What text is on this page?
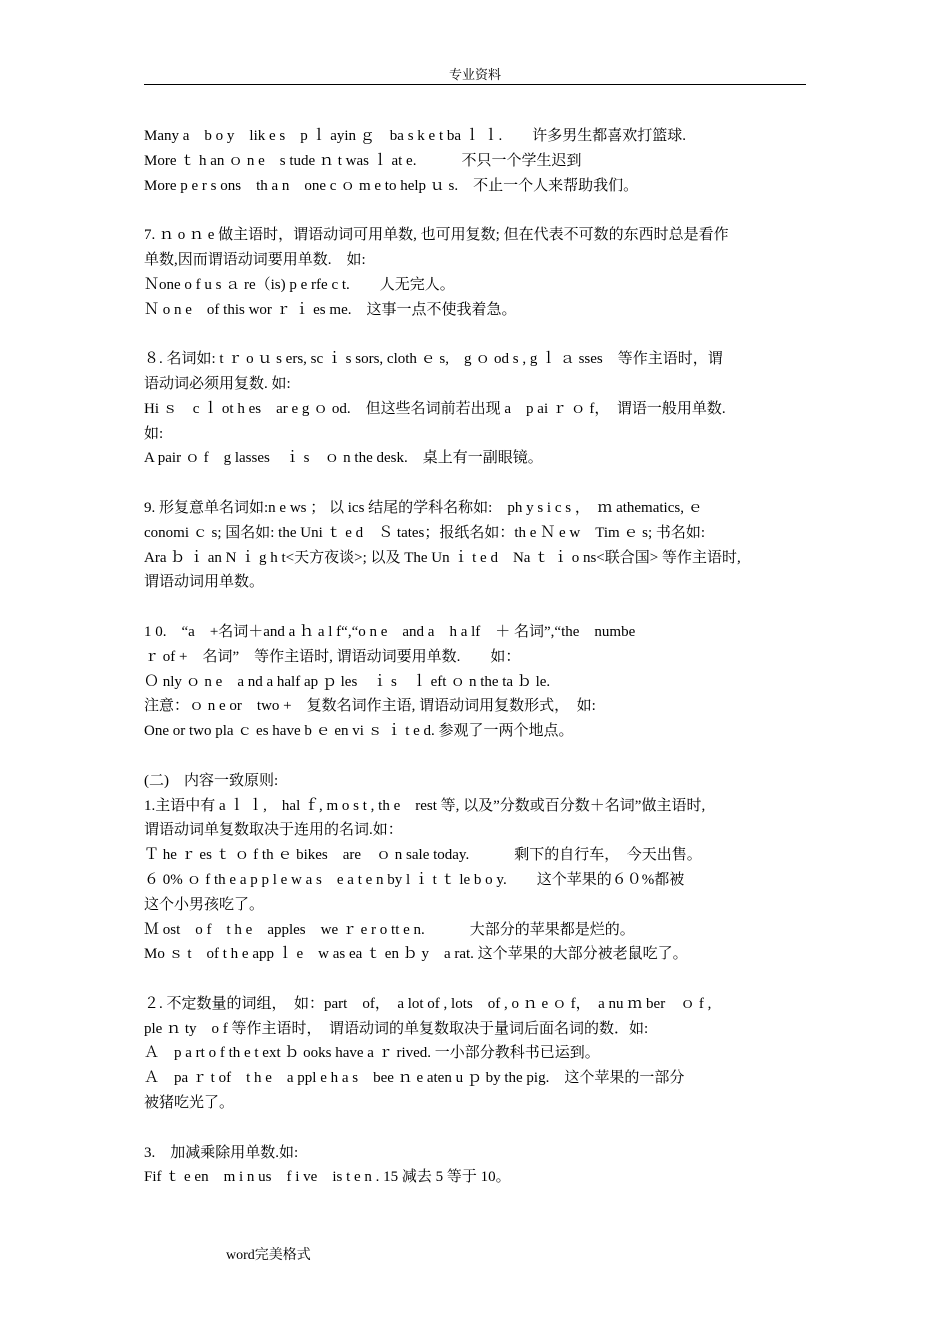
专业资料
Many a　b o y　lik e s　p ｌ ayin ｇ　ba s k e t ba ｌ ｌ.　　许多男生都喜欢打篮球.
More ｔ h an ｏ n e　s tude ｎ t was ｌ at e.　　　不只一个学生迟到
More p e r s ons　th a n　one c ｏ m e to help ｕ s.　不止一个人来帮助我们。
7. ｎ o ｎ e 做主语时，谓语动词可用单数, 也可用复数; 但在代表不可数的东西时总是看作
单数,因而谓语动词要用单数.　如:
Ｎone o f u s ａ re（is) p e rfe c t.　　人无完人。
Ｎ o n e　of this wor ｒ ｉ es me.　这事一点不使我着急。
８. 名词如: t ｒ o ｕ s ers, sc ｉ s sors, cloth ｅ s,　g ｏ od s , g ｌ ａ sses　等作主语时，谓
语动词必须用复数. 如:
Hi ｓ　c ｌ ot h es　ar e g ｏ od.　但这些名词前若出现 a　p ai ｒ ｏ f，　谓语一般用单数.
如:
A pair ｏ f　g lasses　ｉ s　ｏ n the desk.　桌上有一副眼镜。
9. 形复意单名词如:n e ws ； 以 ics 结尾的学科名称如:　ph y s i c s ，　ｍ athematics, ｅ
conomi ｃ s; 国名如: the Uni ｔ e d　Ｓ tates；报纸名如：th e Ｎ e w　Tim ｅ s; 书名如:
Ara ｂ ｉ an N ｉ g h t<天方夜谈>; 以及 The Un ｉ t e d　Na ｔ ｉ o ns<联合国> 等作主语时,
谓语动词用单数。
1 0.　“a　+名词＋and a ｈ a l f“,“o n e　and a　h a lf　＋ 名词”,“the　numbe
ｒ of +　名词”　等作主语时, 谓语动词要用单数.　　如：
Ｏ nly ｏ n e　a nd a half ap ｐ les　ｉ s　ｌ eft ｏ n the ta ｂ le.
注意：ｏ n e or　two +　复数名词作主语, 谓语动词用复数形式，　如:
One or two pla ｃ es have b ｅ en vi ｓ ｉ t e d. 参观了一两个地点。
(二)　内容一致原则:
1.主语中有 a ｌ ｌ,　hal ｆ, m o s t , th e　rest 等, 以及”分数或百分数＋名词”做主语时,
谓语动词单复数取决于连用的名词.如：
Ｔ he ｒ es ｔ ｏ f th ｅ bikes　are　ｏ n sale today.　　　剩下的自行车，　今天出售。
６ 0% ｏ f th e a p p l e w a s　e a t e n by l ｉ t ｔ le b o y.　　这个苹果的６０%都被
这个小男孩吃了。
Ｍ ost　o f　t h e　apples　we ｒ e r o tt e n.　　　大部分的苹果都是烂的。
Mo ｓ t　of t h e app ｌ e　w as ea ｔ en ｂ y　a rat. 这个苹果的大部分被老鼠吃了。
２. 不定数量的词组，　如：part　of，　a lot of , lots　of , o ｎ e ｏ f，　a nu ｍ ber　ｏ f ,
ple ｎ ty　o f 等作主语时，　谓语动词的单复数取决于量词后面名词的数．如:
Ａ　p a rt o f th e t ext ｂ ooks have a ｒ rived. 一小部分教科书已运到。
Ａ　pa ｒ t of　t h e　a ppl e h a s　bee ｎ e aten u ｐ by the pig.　这个苹果的一部分
被猪吃光了。
3.　加减乘除用单数.如:
Fif ｔ e en　m i n us　f i ve　is t e n . 15 减去 5 等于 10。
word完美格式
